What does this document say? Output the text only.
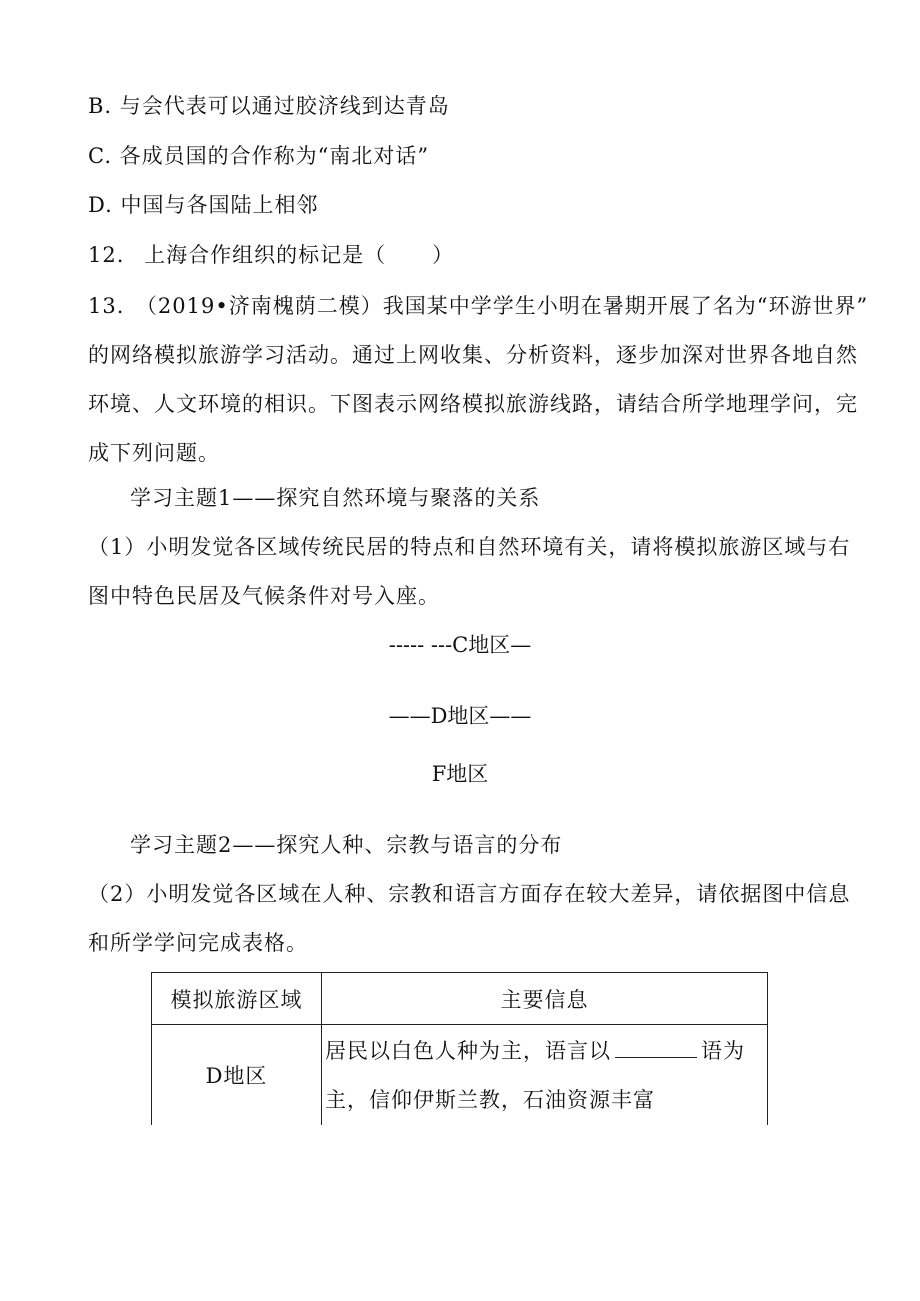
B. 与会代表可以通过胶济线到达青岛
C. 各成员国的合作称为“南北对话”
D. 中国与各国陆上相邻
12. 上海合作组织的标记是（ ）
13.　（2019•济南槐荫二模）我国某中学学生小明在暑期开展了名为“环游世界”
的网络模拟旅游学习活动。通过上网收集、分析资料，逐步加深对世界各地自然
环境、人文环境的相识。下图表示网络模拟旅游线路，请结合所学地理学问，完
成下列问题。
学习主题1——探究自然环境与聚落的关系
（1）小明发觉各区域传统民居的特点和自然环境有关，请将模拟旅游区域与右
图中特色民居及气候条件对号入座。
----- ---C地区—
——D地区——
F地区
学习主题2——探究人种、宗教与语言的分布
（2）小明发觉各区域在人种、宗教和语言方面存在较大差异，请依据图中信息
和所学学问完成表格。
模拟旅游区域	主要信息
D地区	居民以白色人种为主，语言以 语为
主，信仰伊斯兰教，石油资源丰富
